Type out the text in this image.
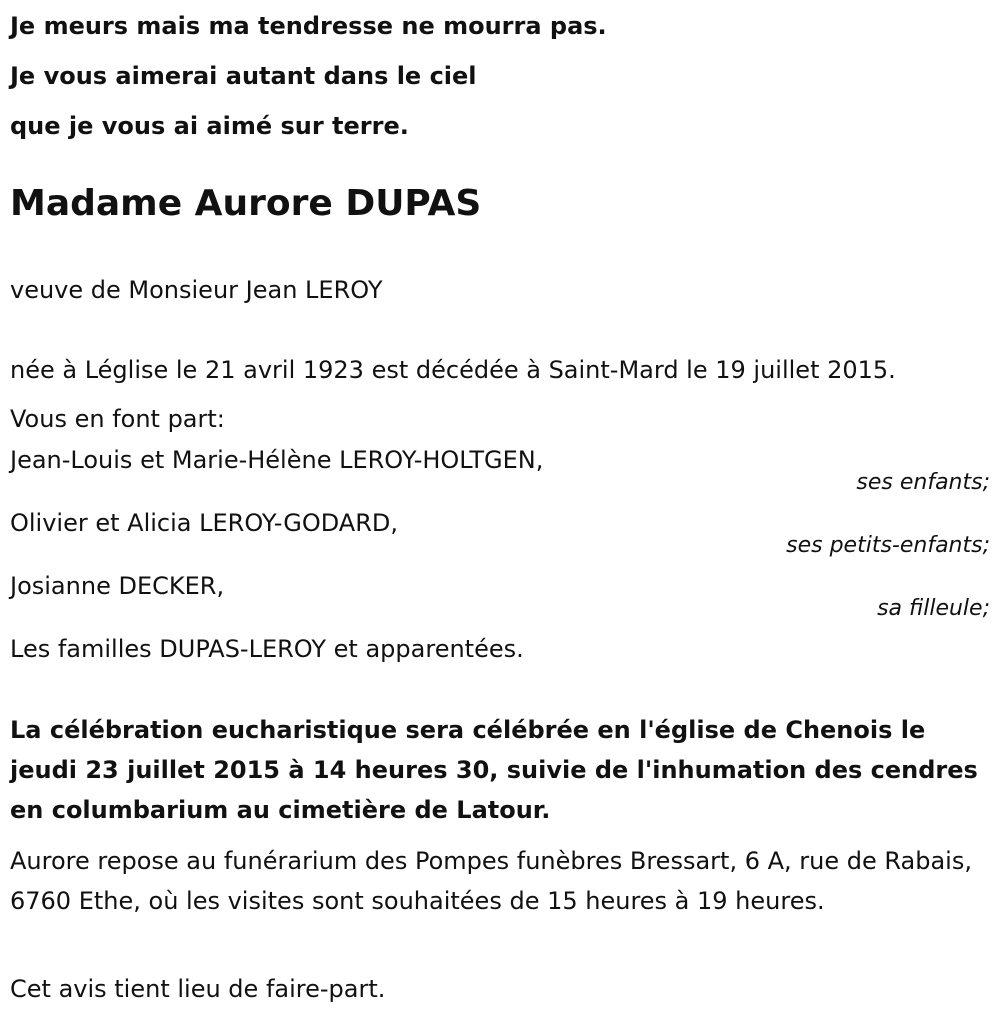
Je meurs mais ma tendresse ne mourra pas.
Je vous aimerai autant dans le ciel
que je vous ai aimé sur terre.
Madame Aurore DUPAS

veuve de Monsieur Jean LEROY

née à Léglise le 21 avril 1923 est décédée à Saint-Mard le 19 juillet 2015.

Vous en font part:

Jean-Louis et Marie-Hélène LEROY-HOLTGEN,

ses enfants;

Olivier et Alicia LEROY-GODARD,

ses petits-enfants;

Josianne DECKER,

sa filleule;

Les familles DUPAS-LEROY et apparentées.

La célébration eucharistique sera célébrée en l'église de Chenois le jeudi 23 juillet 2015 à 14 heures 30, suivie de l'inhumation des cendres en columbarium au cimetière de Latour.

Aurore repose au funérarium des Pompes funèbres Bressart, 6 A, rue de Rabais, 6760 Ethe, où les visites sont souhaitées de 15 heures à 19 heures.

Cet avis tient lieu de faire-part.
